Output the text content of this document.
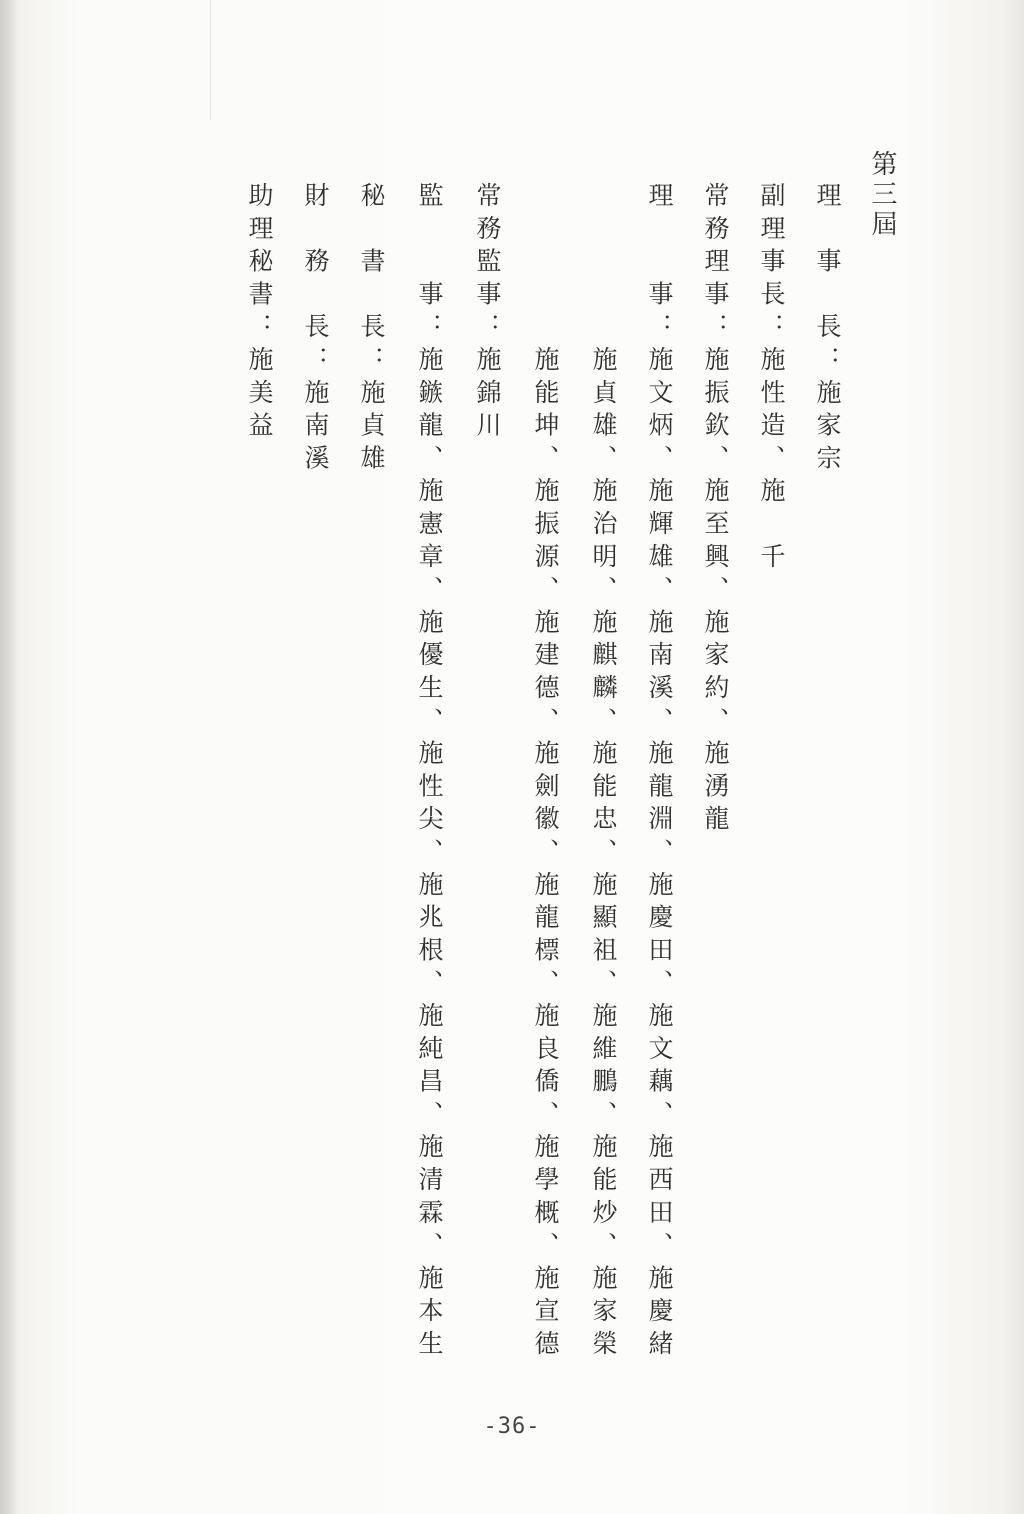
第三屆
理　事　長：施家宗
副理事長：施性造、施　千
常務理事：施振欽、施至興、施家約、施湧龍
理　　事：施文炳、施輝雄、施南溪、施龍淵、施慶田、施文藕、施西田、施慶緒
　　　　　施貞雄、施治明、施麒麟、施能忠、施顯祖、施維鵬、施能炒、施家榮
　　　　　施能坤、施振源、施建德、施劍徽、施龍標、施良僑、施學概、施宣德
常務監事：施錦川
監　　事：施鏃龍、施憲章、施優生、施性尖、施兆根、施純昌、施清霖、施本生
秘　書　長：施貞雄
財　務　長：施南溪
助理秘書：施美益
-36-
